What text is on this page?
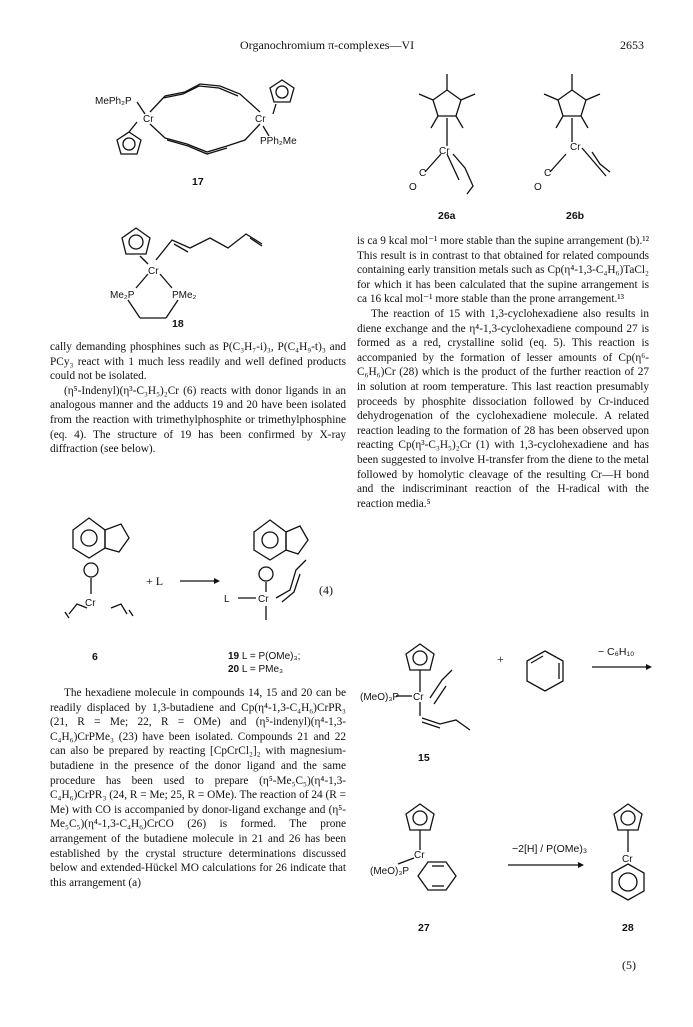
Organochromium π-complexes—VI	2653
MePh₂P
Cr	Cr
PPh₂Me
17
Cr
C
O
26a
Cr
C
O
26b
Cr
Me₂P	PMe₂
18

cally demanding phosphines such as P(C₃H₇-i)₃, P(C₄H₉-t)₃ and PCy₃ react with 1 much less readily and well defined products could not be isolated.

(η⁵-Indenyl)(η³-C₃H₅)₂Cr (6) reacts with donor ligands in an analogous manner and the adducts 19 and 20 have been isolated from the reaction with trimethylphosphite or trimethylphosphine (eq. 4). The structure of 19 has been confirmed by X-ray diffraction (see below).

Cr
6
+ L
L	Cr
(4)
19 L = P(OMe)₃;
20 L = PMe₃

The hexadiene molecule in compounds 14, 15 and 20 can be readily displaced by 1,3-butadiene and Cp(η⁴-1,3-C₄H₆)CrPR₃ (21, R = Me; 22, R = OMe) and (η⁵-indenyl)(η⁴-1,3-C₄H₆)CrPMe₃ (23) have been isolated. Compounds 21 and 22 can also be prepared by reacting [CpCrCl₂]₂ with magnesium-butadiene in the presence of the donor ligand and the same procedure has been used to prepare (η⁵-Me₅C₅)(η⁴-1,3-C₄H₆)CrPR₃ (24, R = Me; 25, R = OMe). The reaction of 24 (R = Me) with CO is accompanied by donor-ligand exchange and (η⁵-Me₅C₅)(η⁴-1,3-C₄H₆)CrCO (26) is formed. The prone arrangement of the butadiene molecule in 21 and 26 has been established by the crystal structure determinations discussed below and extended-Hückel MO calculations for 26 indicate that this arrangement (a)

is ca 9 kcal mol⁻¹ more stable than the supine arrangement (b).¹² This result is in contrast to that obtained for related compounds containing early transition metals such as Cp(η⁴-1,3-C₄H₆)TaCl₂ for which it has been calculated that the supine arrangement is ca 16 kcal mol⁻¹ more stable than the prone arrangement.¹³

The reaction of 15 with 1,3-cyclohexadiene also results in diene exchange and the η⁴-1,3-cyclohexadiene compound 27 is formed as a red, crystalline solid (eq. 5). This reaction is accompanied by the formation of lesser amounts of Cp(η⁶-C₆H₆)Cr (28) which is the product of the further reaction of 27 in solution at room temperature. This last reaction presumably proceeds by phosphite dissociation followed by Cr-induced dehydrogenation of the cyclohexadiene molecule. A related reaction leading to the formation of 28 has been observed upon reacting Cp(η³-C₃H₅)₂Cr (1) with 1,3-cyclohexadiene and has been suggested to involve H-transfer from the diene to the metal followed by homolytic cleavage of the resulting Cr—H bond and the indiscriminant reaction of the H-radical with the reaction media.⁵

(MeO)₃P Cr
15
+	− C₆H₁₀
Cr
(MeO)₃P
27
−2[H] / P(OMe)₃
Cr
28
(5)
